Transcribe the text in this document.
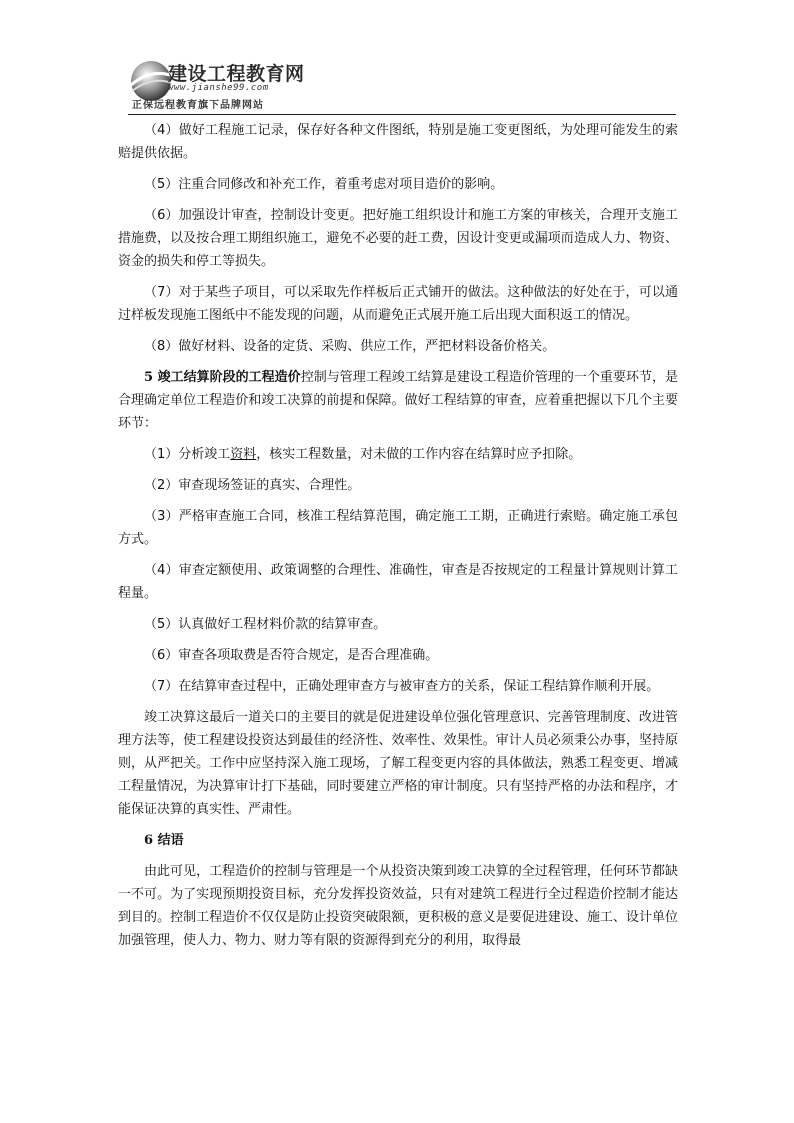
建设工程教育网
www.jianshe99.com
正保远程教育旗下品牌网站

（4）做好工程施工记录，保存好各种文件图纸，特别是施工变更图纸，为处理可能发生的索赔提供依据。

（5）注重合同修改和补充工作，着重考虑对项目造价的影响。

（6）加强设计审查，控制设计变更。把好施工组织设计和施工方案的审核关，合理开支施工措施费，以及按合理工期组织施工，避免不必要的赶工费，因设计变更或漏项而造成人力、物资、资金的损失和停工等损失。

（7）对于某些子项目，可以采取先作样板后正式铺开的做法。这种做法的好处在于，可以通过样板发现施工图纸中不能发现的问题，从而避免正式展开施工后出现大面积返工的情况。

（8）做好材料、设备的定货、采购、供应工作，严把材料设备价格关。

5 竣工结算阶段的工程造价控制与管理工程竣工结算是建设工程造价管理的一个重要环节，是合理确定单位工程造价和竣工决算的前提和保障。做好工程结算的审查，应着重把握以下几个主要环节：

（1）分析竣工资料，核实工程数量，对未做的工作内容在结算时应予扣除。

（2）审查现场签证的真实、合理性。

（3）严格审查施工合同，核准工程结算范围，确定施工工期，正确进行索赔。确定施工承包方式。

（4）审查定额使用、政策调整的合理性、准确性，审查是否按规定的工程量计算规则计算工程量。

（5）认真做好工程材料价款的结算审查。

（6）审查各项取费是否符合规定，是否合理准确。

（7）在结算审查过程中，正确处理审查方与被审查方的关系，保证工程结算作顺利开展。

竣工决算这最后一道关口的主要目的就是促进建设单位强化管理意识、完善管理制度、改进管理方法等，使工程建设投资达到最佳的经济性、效率性、效果性。审计人员必须秉公办事，坚持原则，从严把关。工作中应坚持深入施工现场，了解工程变更内容的具体做法，熟悉工程变更、增减工程量情况，为决算审计打下基础，同时要建立严格的审计制度。只有坚持严格的办法和程序，才能保证决算的真实性、严肃性。

6 结语

由此可见，工程造价的控制与管理是一个从投资决策到竣工决算的全过程管理，任何环节都缺一不可。为了实现预期投资目标，充分发挥投资效益，只有对建筑工程进行全过程造价控制才能达到目的。控制工程造价不仅仅是防止投资突破限额，更积极的意义是要促进建设、施工、设计单位加强管理，使人力、物力、财力等有限的资源得到充分的利用，取得最
